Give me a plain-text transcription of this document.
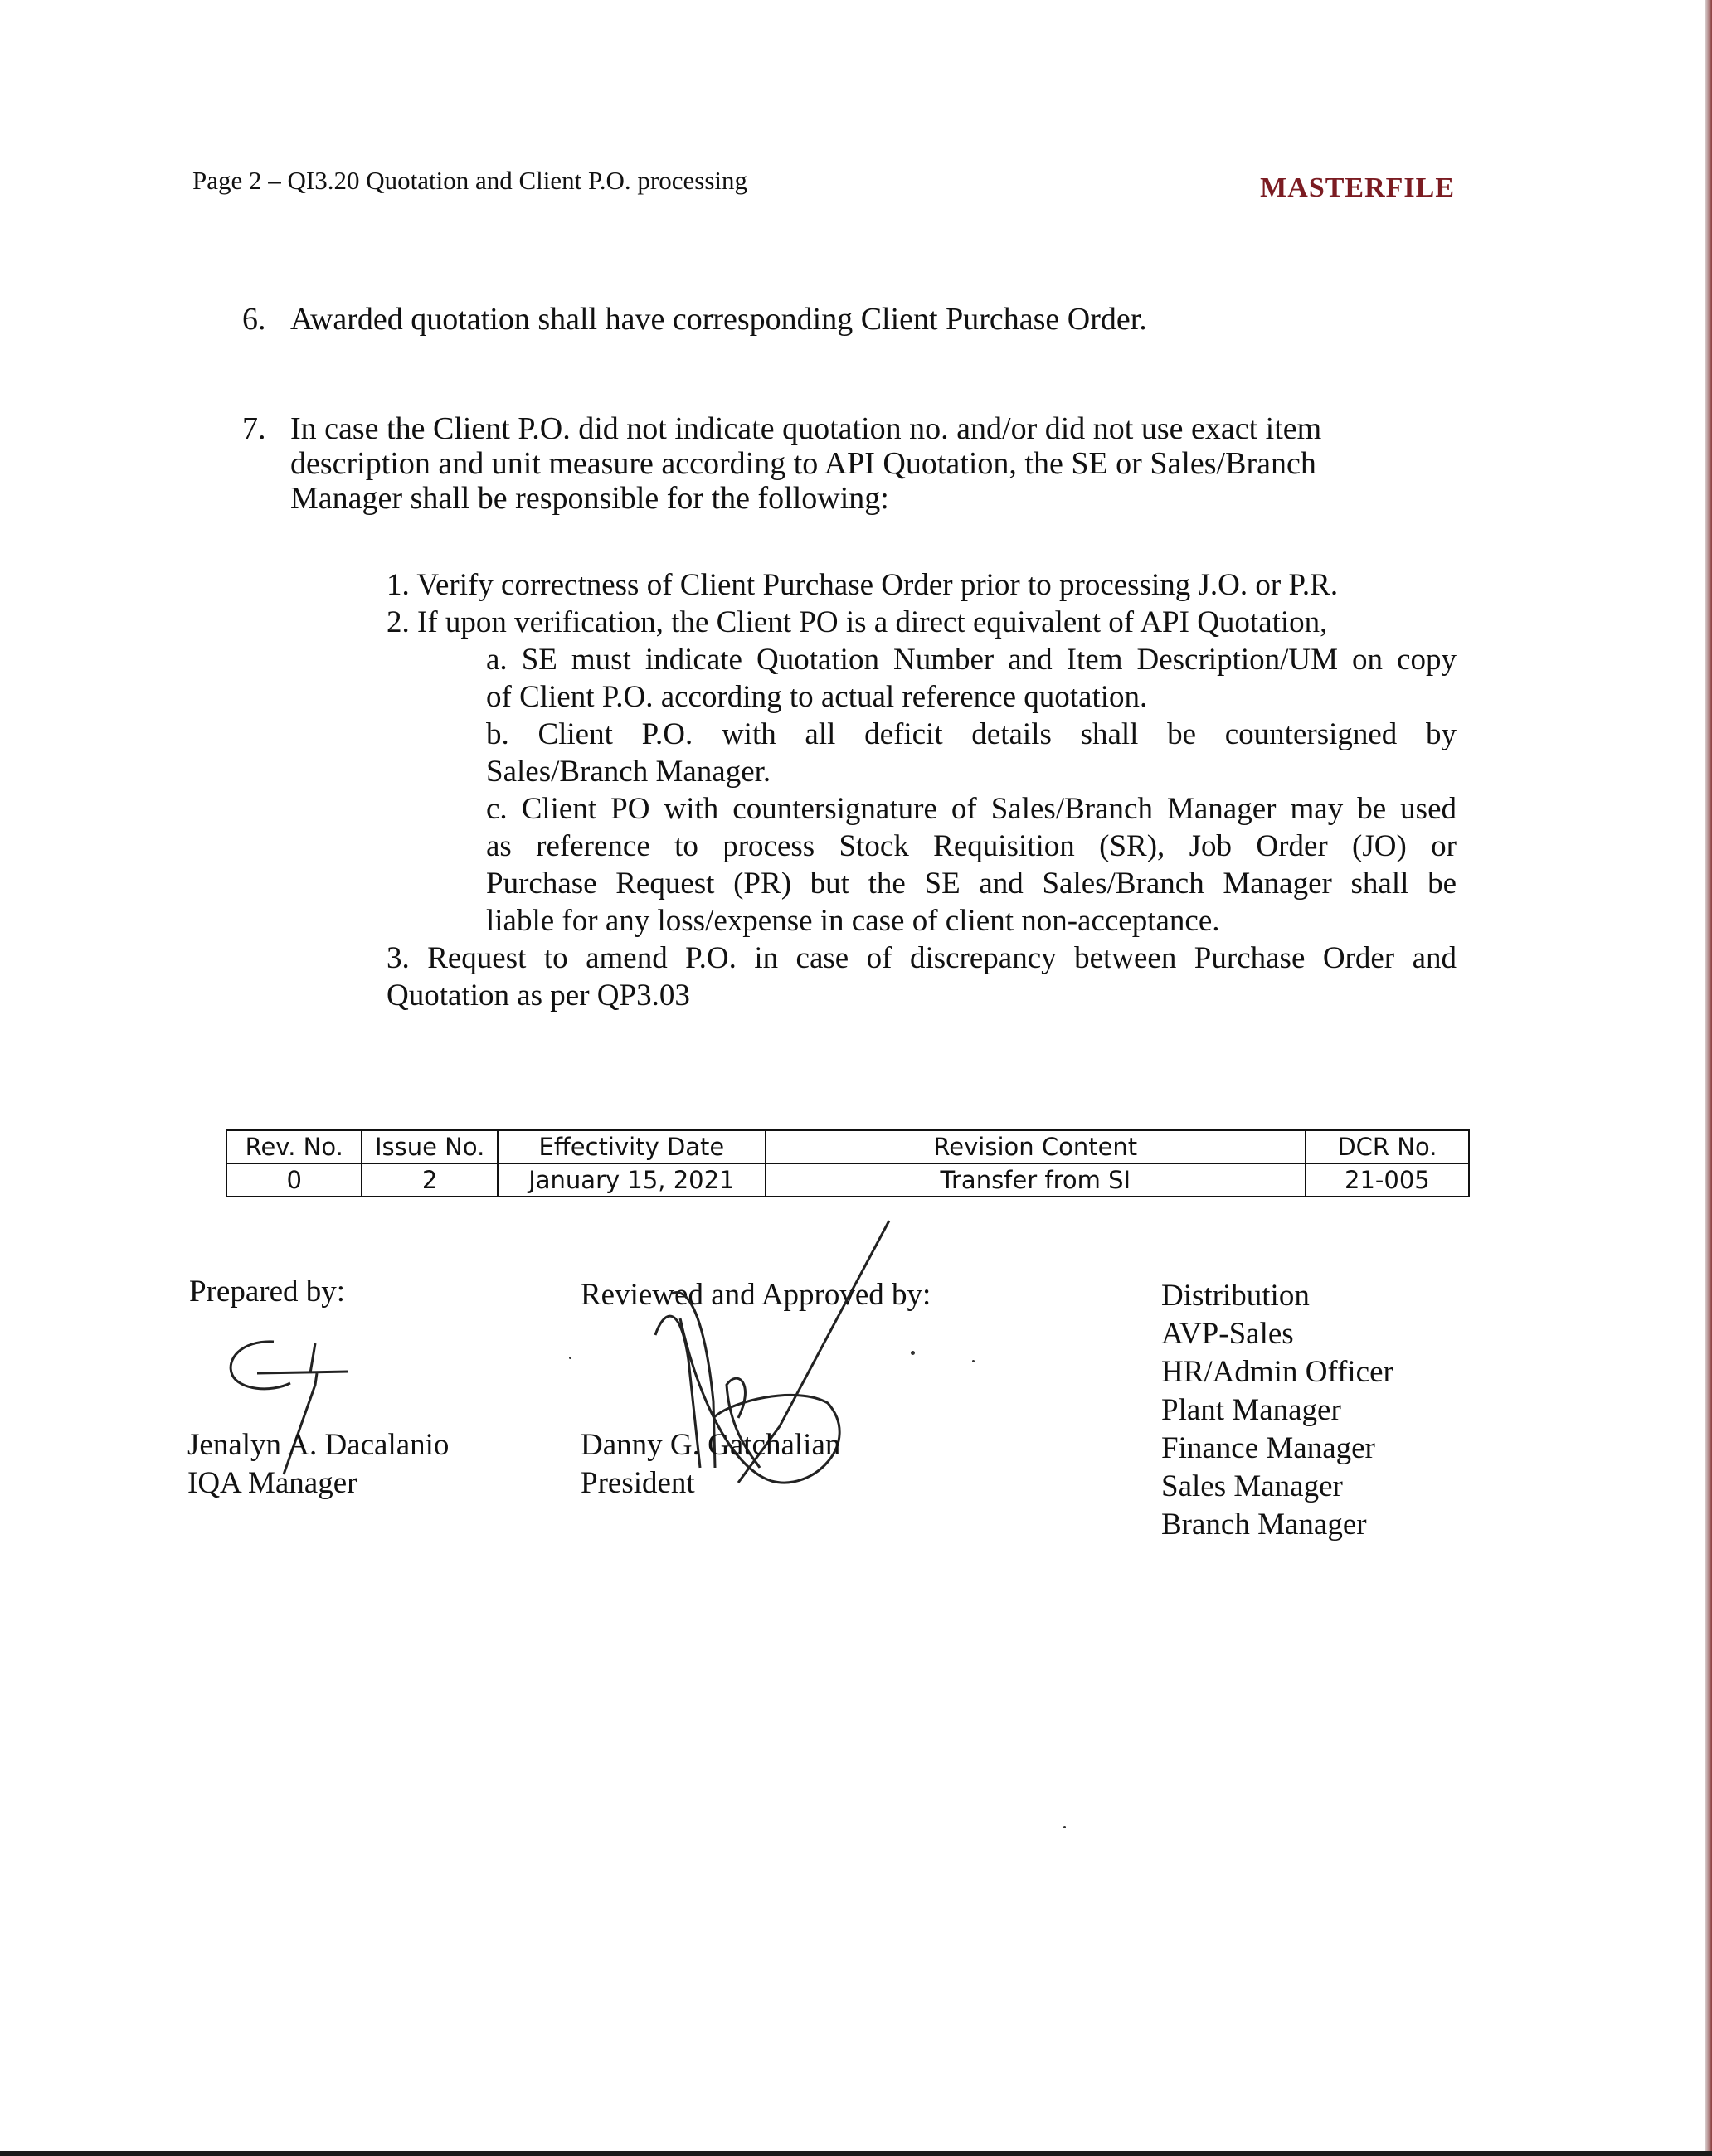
Page 2 – QI3.20 Quotation and Client P.O. processing	MASTERFILE
6. Awarded quotation shall have corresponding Client Purchase Order.
7. In case the Client P.O. did not indicate quotation no. and/or did not use exact item
description and unit measure according to API Quotation, the SE or Sales/Branch
Manager shall be responsible for the following:
1. Verify correctness of Client Purchase Order prior to processing J.O. or P.R.
2. If upon verification, the Client PO is a direct equivalent of API Quotation,
a. SE must indicate Quotation Number and Item Description/UM on copy
of Client P.O. according to actual reference quotation.
b. Client P.O. with all deficit details shall be countersigned by
Sales/Branch Manager.
c. Client PO with countersignature of Sales/Branch Manager may be used
as reference to process Stock Requisition (SR), Job Order (JO) or
Purchase Request (PR) but the SE and Sales/Branch Manager shall be
liable for any loss/expense in case of client non-acceptance.
3. Request to amend P.O. in case of discrepancy between Purchase Order and
Quotation as per QP3.03
Rev. No.	Issue No.	Effectivity Date	Revision Content	DCR No.
0	2	January 15, 2021	Transfer from SI	21-005
Prepared by:
Jenalyn A. Dacalanio
IQA Manager
Reviewed and Approved by:
Danny G. Gatchalian
President
Distribution
AVP-Sales
HR/Admin Officer
Plant Manager
Finance Manager
Sales Manager
Branch Manager
